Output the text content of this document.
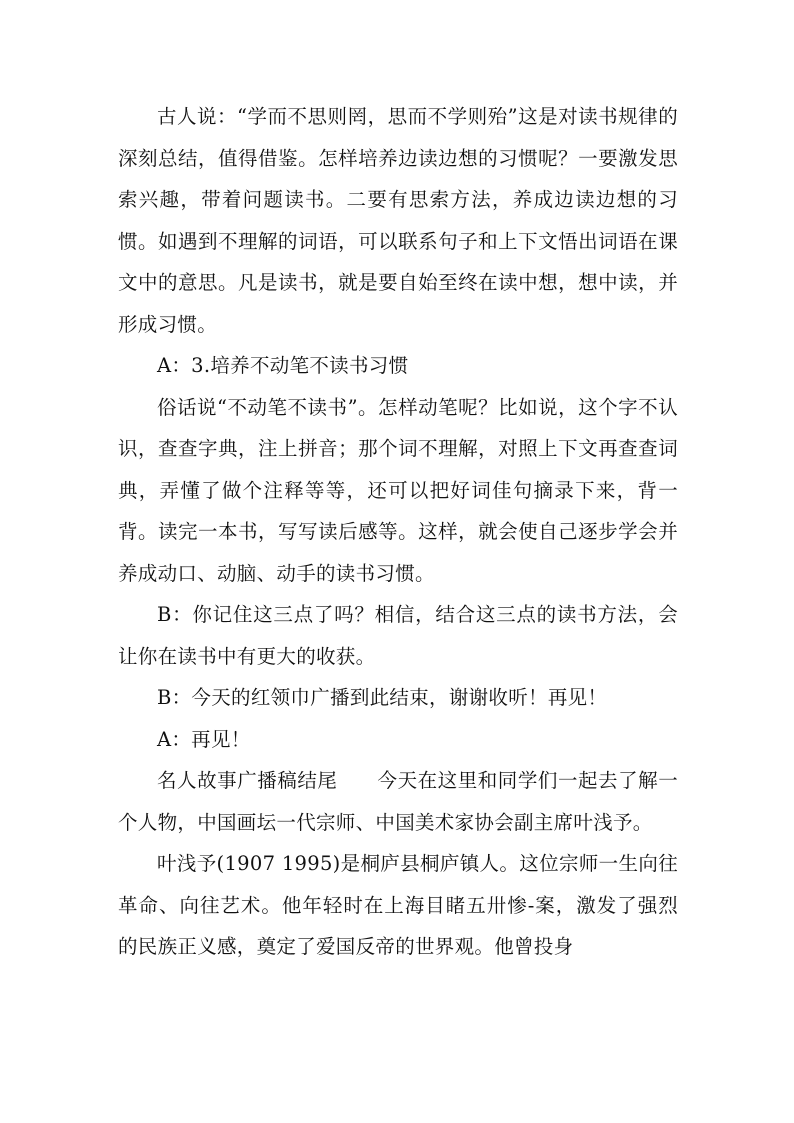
古人说：“学而不思则罔，思而不学则殆”这是对读书规律的深刻总结，值得借鉴。怎样培养边读边想的习惯呢？一要激发思索兴趣，带着问题读书。二要有思索方法，养成边读边想的习惯。如遇到不理解的词语，可以联系句子和上下文悟出词语在课文中的意思。凡是读书，就是要自始至终在读中想，想中读，并形成习惯。

A：3.培养不动笔不读书习惯

俗话说“不动笔不读书”。怎样动笔呢？比如说，这个字不认识，查查字典，注上拼音；那个词不理解，对照上下文再查查词典，弄懂了做个注释等等，还可以把好词佳句摘录下来，背一背。读完一本书，写写读后感等。这样，就会使自己逐步学会并养成动口、动脑、动手的读书习惯。

B：你记住这三点了吗？相信，结合这三点的读书方法，会让你在读书中有更大的收获。

B：今天的红领巾广播到此结束，谢谢收听！再见！

A：再见！

名人故事广播稿结尾　　今天在这里和同学们一起去了解一个人物，中国画坛一代宗师、中国美术家协会副主席叶浅予。

叶浅予(1907 1995)是桐庐县桐庐镇人。这位宗师一生向往革命、向往艺术。他年轻时在上海目睹五卅惨-案，激发了强烈的民族正义感，奠定了爱国反帝的世界观。他曾投身
